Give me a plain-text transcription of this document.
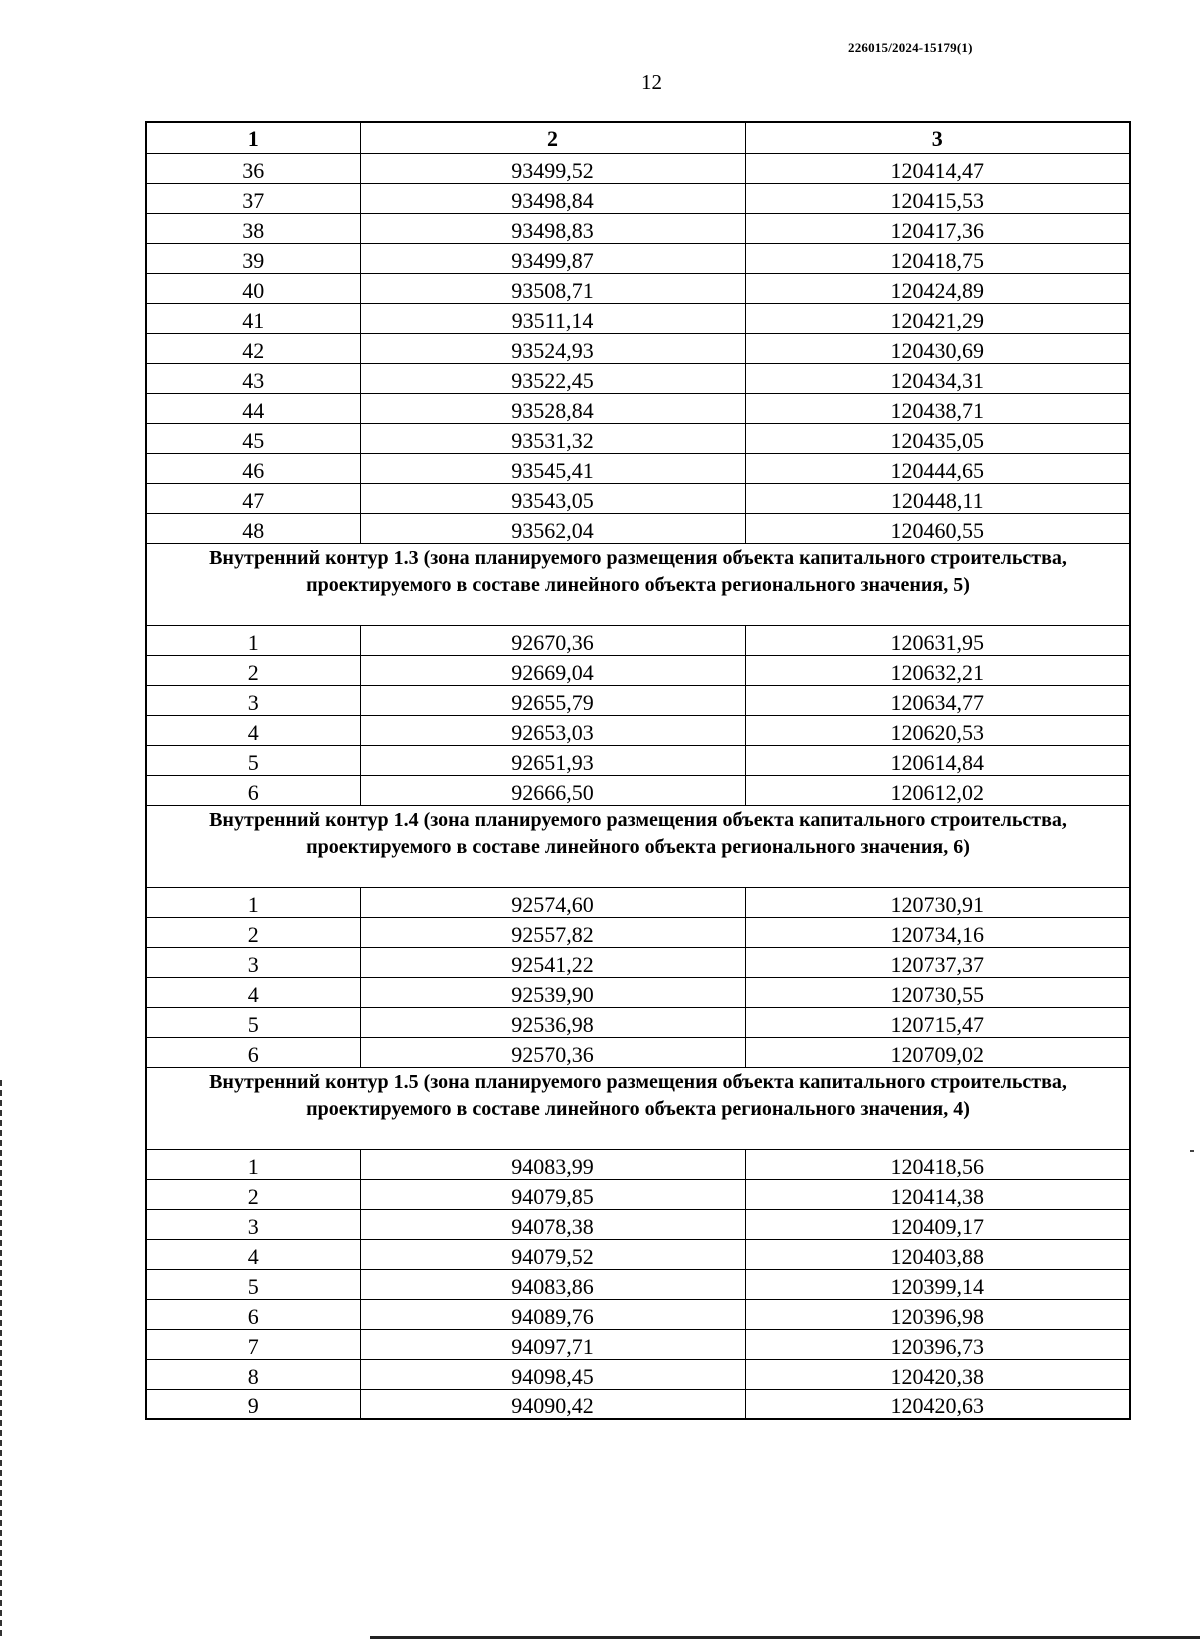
226015/2024-15179(1)
12
1	2	3
36	93499,52	120414,47
37	93498,84	120415,53
38	93498,83	120417,36
39	93499,87	120418,75
40	93508,71	120424,89
41	93511,14	120421,29
42	93524,93	120430,69
43	93522,45	120434,31
44	93528,84	120438,71
45	93531,32	120435,05
46	93545,41	120444,65
47	93543,05	120448,11
48	93562,04	120460,55
Внутренний контур 1.3 (зона планируемого размещения объекта капитального строительства, проектируемого в составе линейного объекта регионального значения, 5)		
1	92670,36	120631,95
2	92669,04	120632,21
3	92655,79	120634,77
4	92653,03	120620,53
5	92651,93	120614,84
6	92666,50	120612,02
Внутренний контур 1.4 (зона планируемого размещения объекта капитального строительства, проектируемого в составе линейного объекта регионального значения, 6)		
1	92574,60	120730,91
2	92557,82	120734,16
3	92541,22	120737,37
4	92539,90	120730,55
5	92536,98	120715,47
6	92570,36	120709,02
Внутренний контур 1.5 (зона планируемого размещения объекта капитального строительства, проектируемого в составе линейного объекта регионального значения, 4)		
1	94083,99	120418,56
2	94079,85	120414,38
3	94078,38	120409,17
4	94079,52	120403,88
5	94083,86	120399,14
6	94089,76	120396,98
7	94097,71	120396,73
8	94098,45	120420,38
9	94090,42	120420,63
